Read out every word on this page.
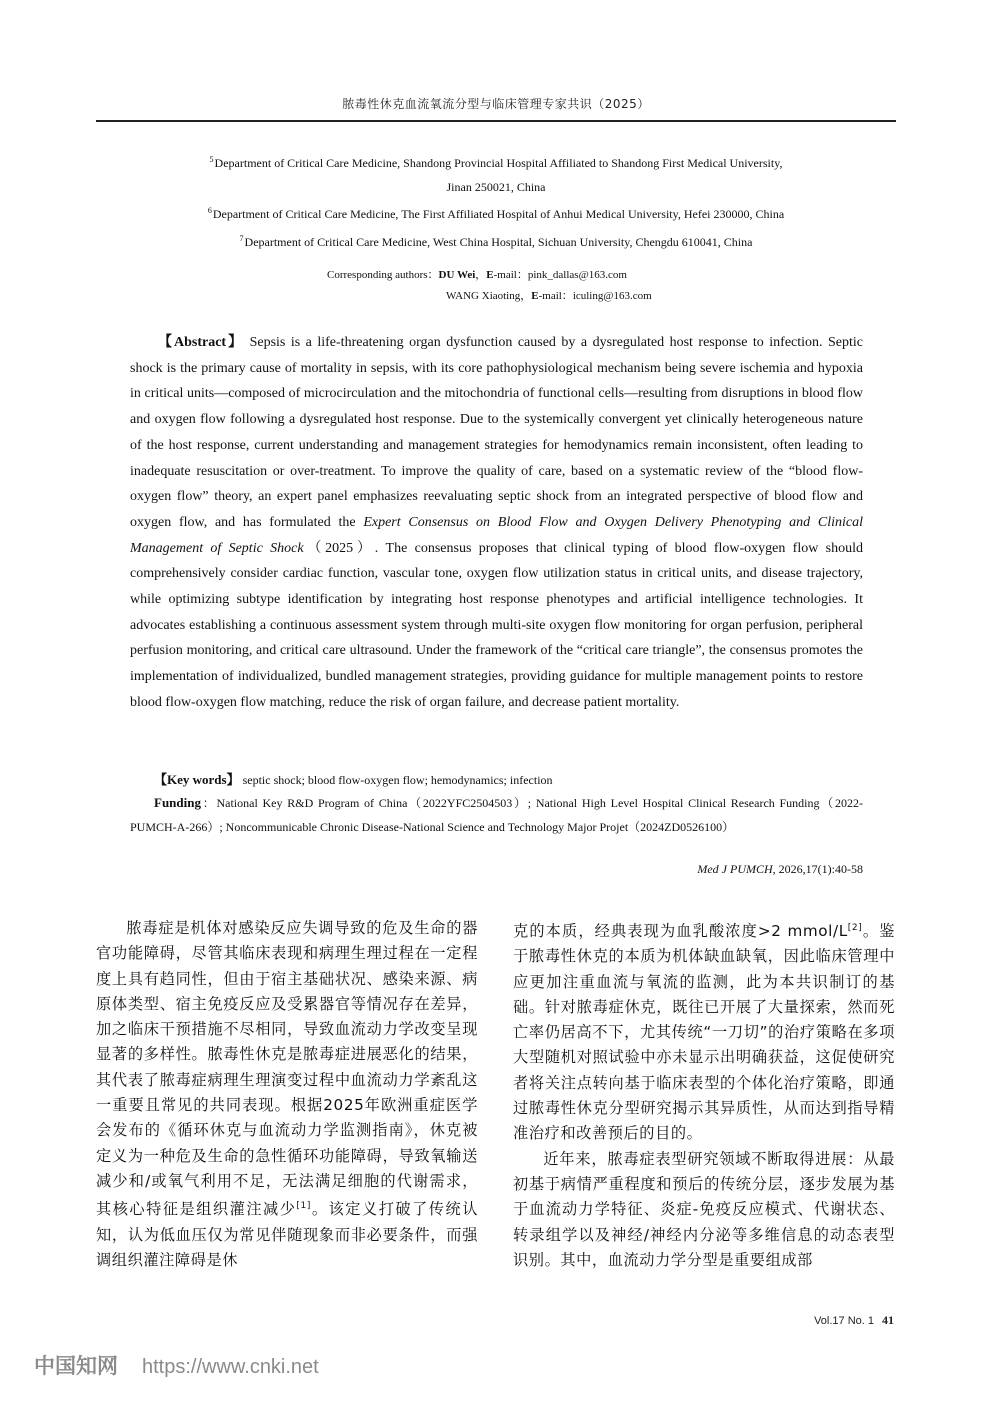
脓毒性休克血流氧流分型与临床管理专家共识（2025）
$^5$Department of Critical Care Medicine, Shandong Provincial Hospital Affiliated to Shandong First Medical University,
Jinan 250021, China
$^6$Department of Critical Care Medicine, The First Affiliated Hospital of Anhui Medical University, Hefei 230000, China
$^7$Department of Critical Care Medicine, West China Hospital, Sichuan University, Chengdu 610041, China
Corresponding authors：DU Wei，E-mail：pink_dallas@163.com
WANG Xiaoting，E-mail：iculing@163.com
【Abstract】 Sepsis is a life-threatening organ dysfunction caused by a dysregulated host response to infection. Septic shock is the primary cause of mortality in sepsis, with its core pathophysiological mechanism being severe ischemia and hypoxia in critical units—composed of microcirculation and the mitochondria of functional cells—resulting from disruptions in blood flow and oxygen flow following a dysregulated host response. Due to the systemically convergent yet clinically heterogeneous nature of the host response, current understanding and management strategies for hemodynamics remain inconsistent, often leading to inadequate resuscitation or over-treatment. To improve the quality of care, based on a systematic review of the “blood flow-oxygen flow” theory, an expert panel emphasizes reevaluating septic shock from an integrated perspective of blood flow and oxygen flow, and has formulated the Expert Consensus on Blood Flow and Oxygen Delivery Phenotyping and Clinical Management of Septic Shock（2025）. The consensus proposes that clinical typing of blood flow-oxygen flow should comprehensively consider cardiac function, vascular tone, oxygen flow utilization status in critical units, and disease trajectory, while optimizing subtype identification by integrating host response phenotypes and artificial intelligence technologies. It advocates establishing a continuous assessment system through multi-site oxygen flow monitoring for organ perfusion, peripheral perfusion monitoring, and critical care ultrasound. Under the framework of the “critical care triangle”, the consensus promotes the implementation of individualized, bundled management strategies, providing guidance for multiple management points to restore blood flow-oxygen flow matching, reduce the risk of organ failure, and decrease patient mortality.
【Key words】 septic shock; blood flow-oxygen flow; hemodynamics; infection
Funding：National Key R&D Program of China（2022YFC2504503）; National High Level Hospital Clinical Research Funding（2022-PUMCH-A-266）; Noncommunicable Chronic Disease-National Science and Technology Major Projet（2024ZD0526100）
Med J PUMCH, 2026,17(1):40-58

脓毒症是机体对感染反应失调导致的危及生命的器官功能障碍，尽管其临床表现和病理生理过程在一定程度上具有趋同性，但由于宿主基础状况、感染来源、病原体类型、宿主免疫反应及受累器官等情况存在差异，加之临床干预措施不尽相同，导致血流动力学改变呈现显著的多样性。脓毒性休克是脓毒症进展恶化的结果，其代表了脓毒症病理生理演变过程中血流动力学紊乱这一重要且常见的共同表现。根据2025年欧洲重症医学会发布的《循环休克与血流动力学监测指南》，休克被定义为一种危及生命的急性循环功能障碍，导致氧输送减少和/或氧气利用不足，无法满足细胞的代谢需求，其核心特征是组织灌注减少[1]。该定义打破了传统认知，认为低血压仅为常见伴随现象而非必要条件，而强调组织灌注障碍是休

克的本质，经典表现为血乳酸浓度>2 mmol/L[2]。鉴于脓毒性休克的本质为机体缺血缺氧，因此临床管理中应更加注重血流与氧流的监测，此为本共识制订的基础。针对脓毒症休克，既往已开展了大量探索，然而死亡率仍居高不下，尤其传统“一刀切”的治疗策略在多项大型随机对照试验中亦未显示出明确获益，这促使研究者将关注点转向基于临床表型的个体化治疗策略，即通过脓毒性休克分型研究揭示其异质性，从而达到指导精准治疗和改善预后的目的。

近年来，脓毒症表型研究领域不断取得进展：从最初基于病情严重程度和预后的传统分层，逐步发展为基于血流动力学特征、炎症-免疫反应模式、代谢状态、转录组学以及神经/神经内分泌等多维信息的动态表型识别。其中，血流动力学分型是重要组成部

Vol.17 No. 1 41
中国知网 https://www.cnki.net
